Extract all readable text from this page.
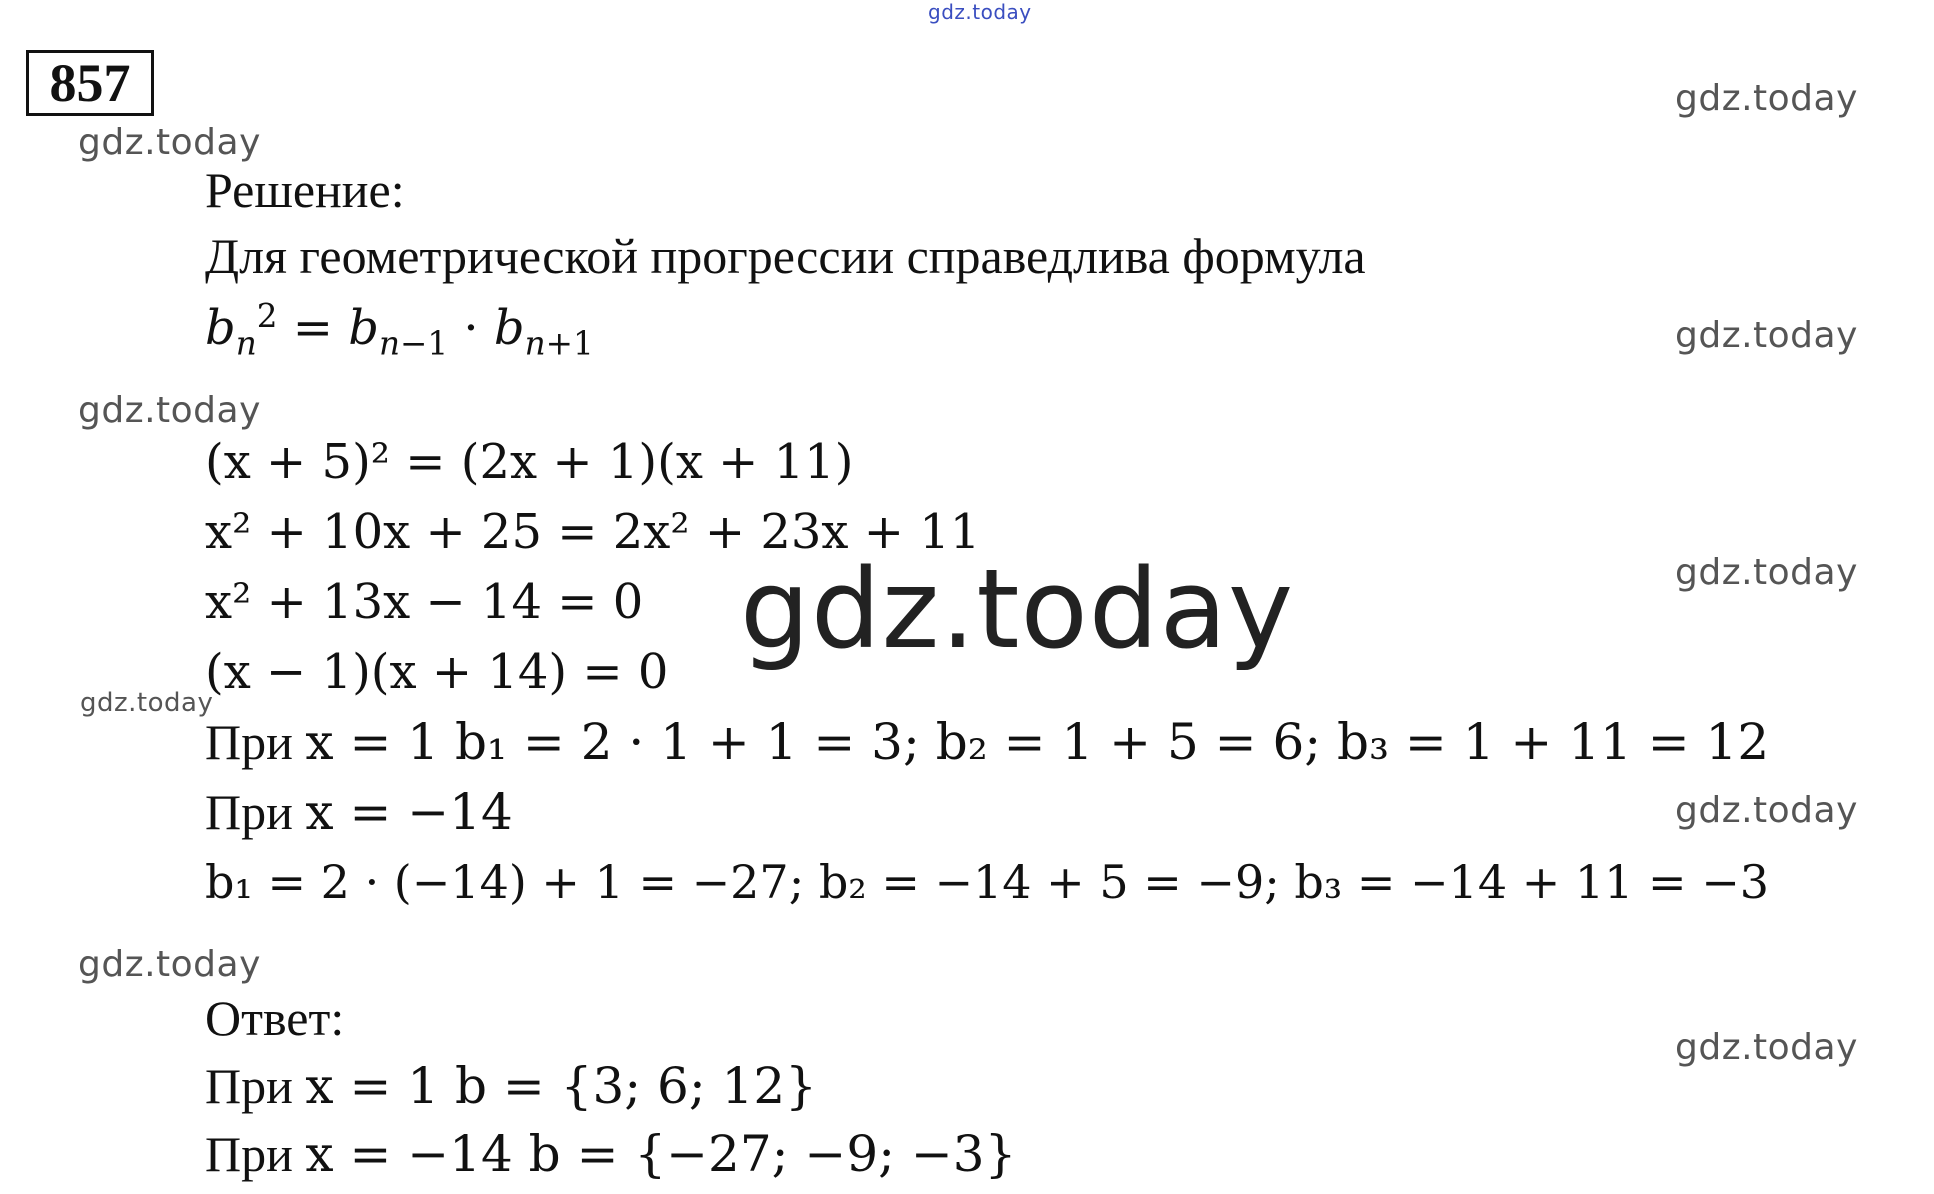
gdz.today
gdz.today
gdz.today
gdz.today
gdz.today
gdz.today
gdz.today
gdz.today
gdz.today
gdz.today
857
Решение:
Для геометрической прогрессии справедлива формула
$b_n^2 = b_{n-1} \cdot b_{n+1}$
(x + 5)² = (2x + 1)(x + 11)
x² + 10x + 25 = 2x² + 23x + 11
x² + 13x − 14 = 0
(x − 1)(x + 14) = 0
При x = 1 b₁ = 2 · 1 + 1 = 3; b₂ = 1 + 5 = 6; b₃ = 1 + 11 = 12
При x = −14
b₁ = 2 · (−14) + 1 = −27; b₂ = −14 + 5 = −9; b₃ = −14 + 11 = −3
Ответ:
При x = 1 b = {3; 6; 12}
При x = −14 b = {−27; −9; −3}
gdz.today
